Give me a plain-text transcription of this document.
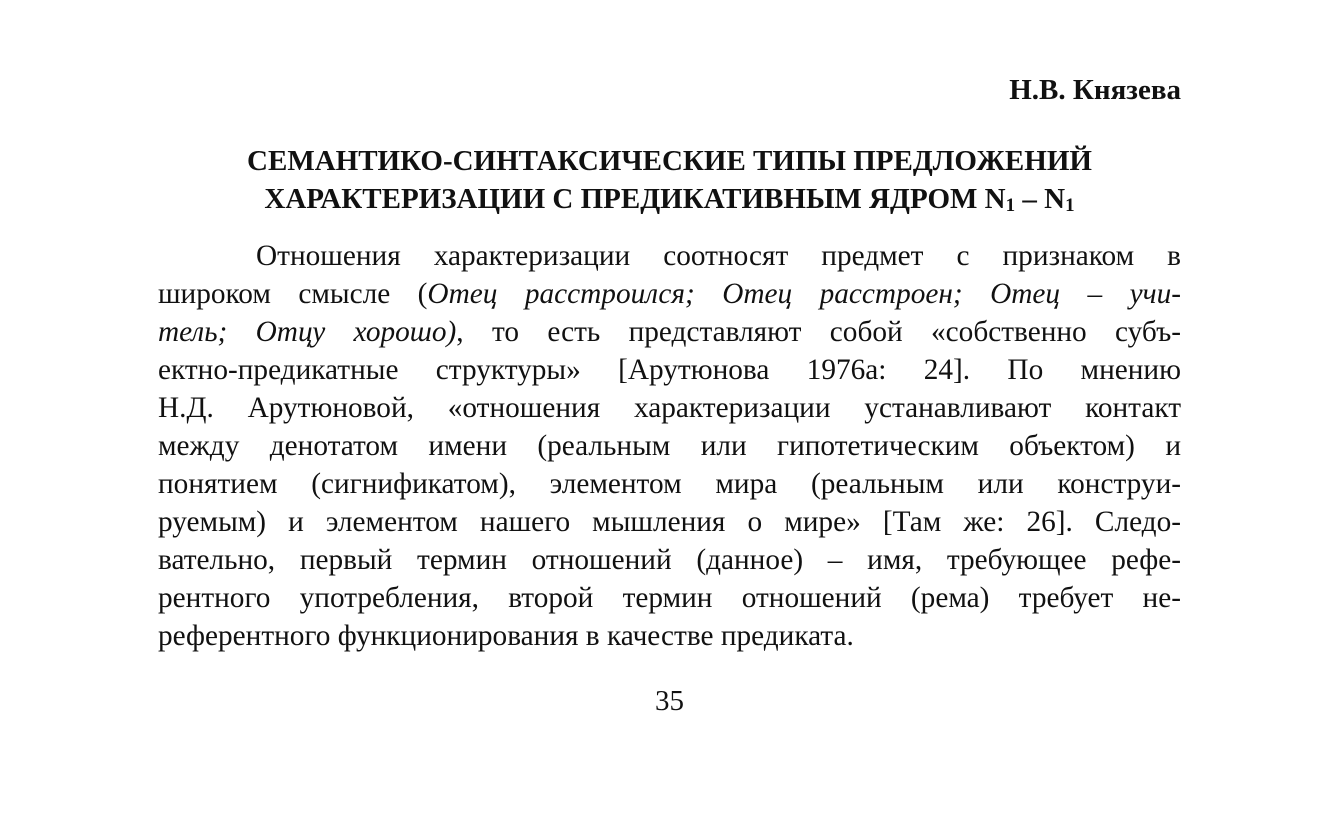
Н.В. Князева
СЕМАНТИКО-СИНТАКСИЧЕСКИЕ ТИПЫ ПРЕДЛОЖЕНИЙ
ХАРАКТЕРИЗАЦИИ С ПРЕДИКАТИВНЫМ ЯДРОМ $N_1 - N_1$
Отношения характеризации соотносят предмет с признаком в
широком смысле (Отец расстроился; Отец расстроен; Отец – учи-
тель; Отцу хорошо), то есть представляют собой «собственно субъ-
ектно-предикатные структуры» [Арутюнова 1976а: 24]. По мнению
Н.Д. Арутюновой, «отношения характеризации устанавливают контакт
между денотатом имени (реальным или гипотетическим объектом) и
понятием (сигнификатом), элементом мира (реальным или конструи-
руемым) и элементом нашего мышления о мире» [Там же: 26]. Следо-
вательно, первый термин отношений (данное) – имя, требующее рефе-
рентного употребления, второй термин отношений (рема) требует не-
референтного функционирования в качестве предиката.
35
